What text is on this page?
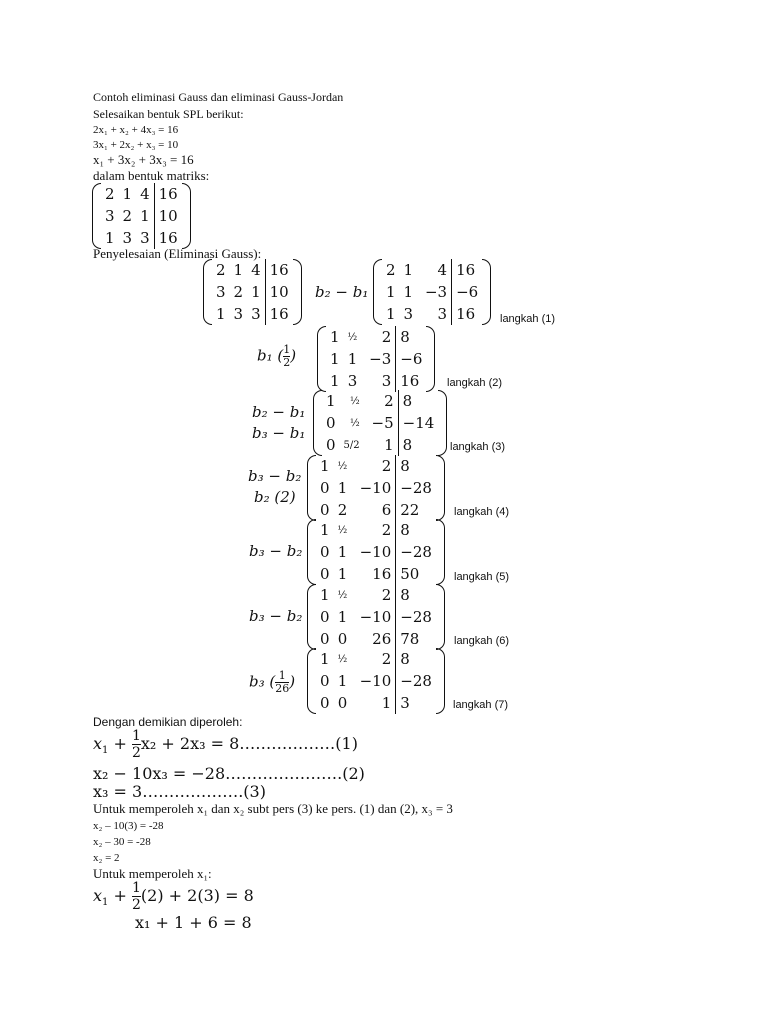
Contoh eliminasi Gauss dan eliminasi Gauss-Jordan
Selesaikan bentuk SPL berikut:
2x₁ + x₂ + 4x₃ = 16
3x₁ + 2x₂ + x₃ = 10
x₁ + 3x₂ + 3x₃ = 16
dalam bentuk matriks:
2	1	4	16
3	2	1	10
1	3	3	16
Penyelesaian (Eliminasi Gauss):
2	1	4	16
3	2	1	10
1	3	3	16
b₂ − b₁
2	1	4	16
1	1	−3	−6
1	3	3	16 langkah (1)
b₁ ( $\frac{1}{2}$ )
1	½	2	8
1	1	−3	−6
1	3	3	16	langkah (2)
b₂ − b₁
b₃ − b₁
1	½	2	8
0	½	−5	−14
0	5/2	1	8	langkah (3)
b₃ − b₂
b₂ (2)
1	½	2	8
0	1	−10	−28
0	2	6	22	langkah (4)
b₃ − b₂
1	½	2	8
0	1	−10	−28
0	1	16	50	langkah (5)
b₃ − b₂
1	½	2	8
0	1	−10	−28
0	0	26	78	langkah (6)
b₃ ( $\frac{1}{26}$ )
1	½	2	8
0	1	−10	−28
0	0	1	3	langkah (7)
Dengan demikian diperoleh:
$x_1 + \frac{1}{2} x_2 + 2x_3$ = 8………………(1)
x₂ − 10x₃ = −28………………….(2)
x₃ = 3……………….(3)
Untuk memperoleh x₁ dan x₂ subt pers (3) ke pers. (1) dan (2), x₃ = 3
x₂ – 10(3) = -28
x₂ – 30 = -28
x₂ = 2
Untuk memperoleh x₁:
$x_1 + \frac{1}{2} (2) + 2(3) = 8$
x₁ + 1 + 6 = 8
